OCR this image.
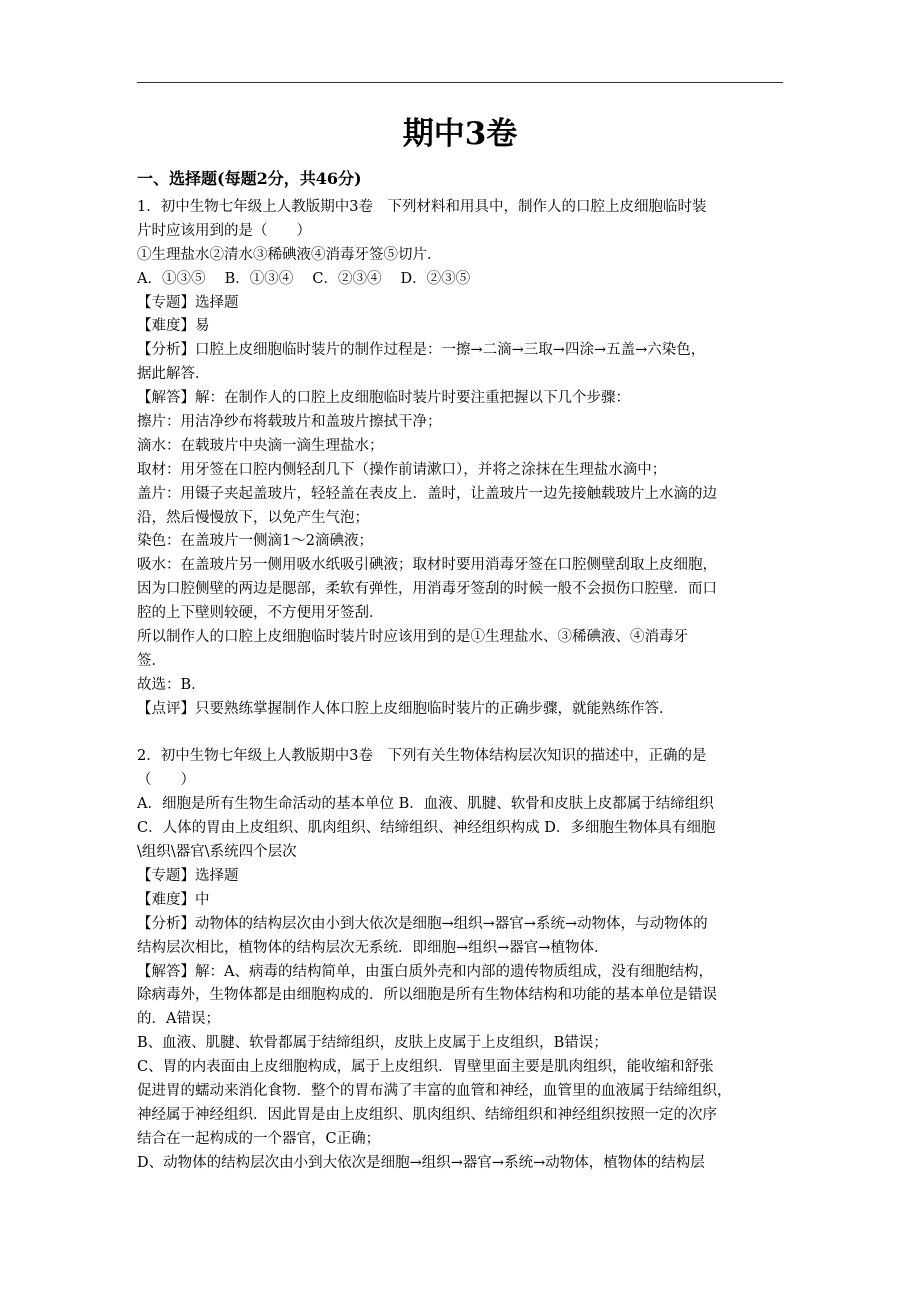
期中3卷
一、选择题(每题2分，共46分)
1．初中生物七年级上人教版期中3卷　下列材料和用具中，制作人的口腔上皮细胞临时装
片时应该用到的是（　　）
①生理盐水②清水③稀碘液④消毒牙签⑤切片．
A．①③⑤　 B．①③④　 C．②③④　 D．②③⑤
【专题】选择题
【难度】易
【分析】口腔上皮细胞临时装片的制作过程是：一擦→二滴→三取→四涂→五盖→六染色，
据此解答．
【解答】解：在制作人的口腔上皮细胞临时装片时要注重把握以下几个步骤：
擦片：用洁净纱布将载玻片和盖玻片擦拭干净；
滴水：在载玻片中央滴一滴生理盐水；
取材：用牙签在口腔内侧轻刮几下（操作前请漱口），并将之涂抹在生理盐水滴中；
盖片：用镊子夹起盖玻片，轻轻盖在表皮上．盖时，让盖玻片一边先接触载玻片上水滴的边
沿，然后慢慢放下，以免产生气泡；
染色：在盖玻片一侧滴1～2滴碘液；
吸水：在盖玻片另一侧用吸水纸吸引碘液；取材时要用消毒牙签在口腔侧壁刮取上皮细胞，
因为口腔侧壁的两边是腮部，柔软有弹性，用消毒牙签刮的时候一般不会损伤口腔壁．而口
腔的上下壁则较硬，不方便用牙签刮．
所以制作人的口腔上皮细胞临时装片时应该用到的是①生理盐水、③稀碘液、④消毒牙
签．
故选：B．
【点评】只要熟练掌握制作人体口腔上皮细胞临时装片的正确步骤，就能熟练作答．
2．初中生物七年级上人教版期中3卷　下列有关生物体结构层次知识的描述中，正确的是
（　　）
A．细胞是所有生物生命活动的基本单位 B．血液、肌腱、软骨和皮肤上皮都属于结缔组织
C．人体的胃由上皮组织、肌肉组织、结缔组织、神经组织构成 D．多细胞生物体具有细胞
\组织\器官\系统四个层次
【专题】选择题
【难度】中
【分析】动物体的结构层次由小到大依次是细胞→组织→器官→系统→动物体，与动物体的
结构层次相比，植物体的结构层次无系统．即细胞→组织→器官→植物体．
【解答】解：A、病毒的结构简单，由蛋白质外壳和内部的遗传物质组成，没有细胞结构，
除病毒外，生物体都是由细胞构成的．所以细胞是所有生物体结构和功能的基本单位是错误
的．A错误；
B、血液、肌腱、软骨都属于结缔组织，皮肤上皮属于上皮组织，B错误；
C、胃的内表面由上皮细胞构成，属于上皮组织．胃壁里面主要是肌肉组织，能收缩和舒张
促进胃的蠕动来消化食物．整个的胃布满了丰富的血管和神经，血管里的血液属于结缔组织，
神经属于神经组织．因此胃是由上皮组织、肌肉组织、结缔组织和神经组织按照一定的次序
结合在一起构成的一个器官，C正确；
D、动物体的结构层次由小到大依次是细胞→组织→器官→系统→动物体，植物体的结构层
